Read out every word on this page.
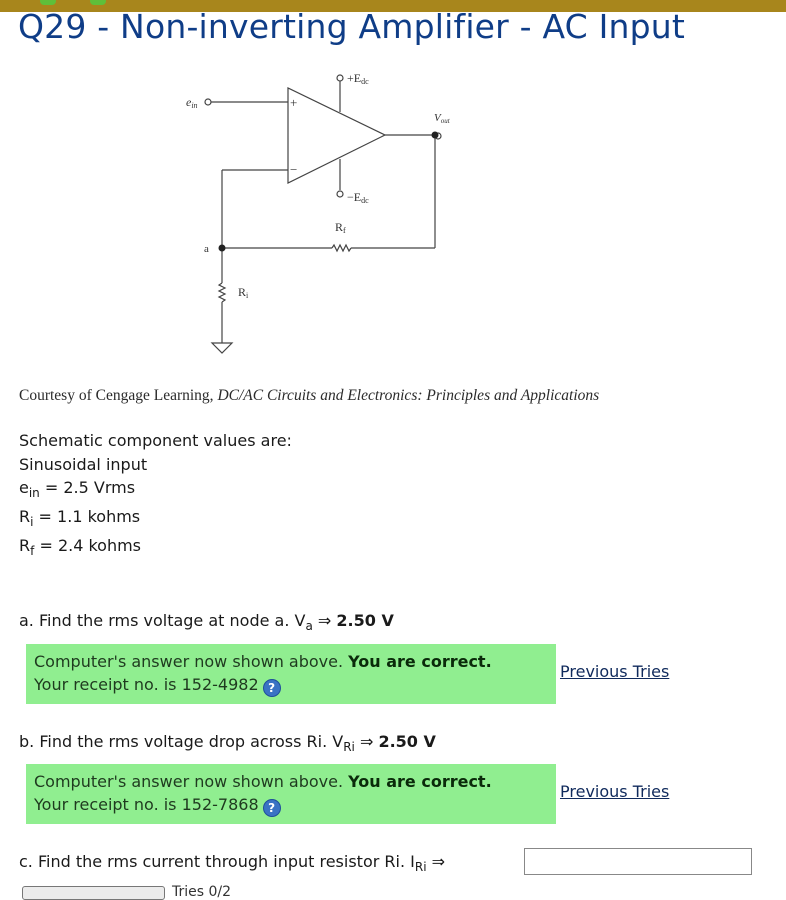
Q29 - Non-inverting Amplifier - AC Input
+
−
+Edc
−Edc
ein
Vout
Rf
Ri
a
Courtesy of Cengage Learning, DC/AC Circuits and Electronics: Principles and Applications
Schematic component values are:
Sinusoidal input
$e_{in} = 2.5$ Vrms
$R_i = 1.1$ kohms
$R_f = 2.4$ kohms
a. Find the rms voltage at node a. $V_a$ ⇒ 2.50 V
Computer's answer now shown above. You are correct.
Your receipt no. is 152-4982 ?
Previous Tries
b. Find the rms voltage drop across Ri. $V_{Ri}$ ⇒ 2.50 V
Computer's answer now shown above. You are correct.
Your receipt no. is 152-7868 ?
Previous Tries
c. Find the rms current through input resistor Ri. $I_{Ri}$ ⇒
Tries 0/2
